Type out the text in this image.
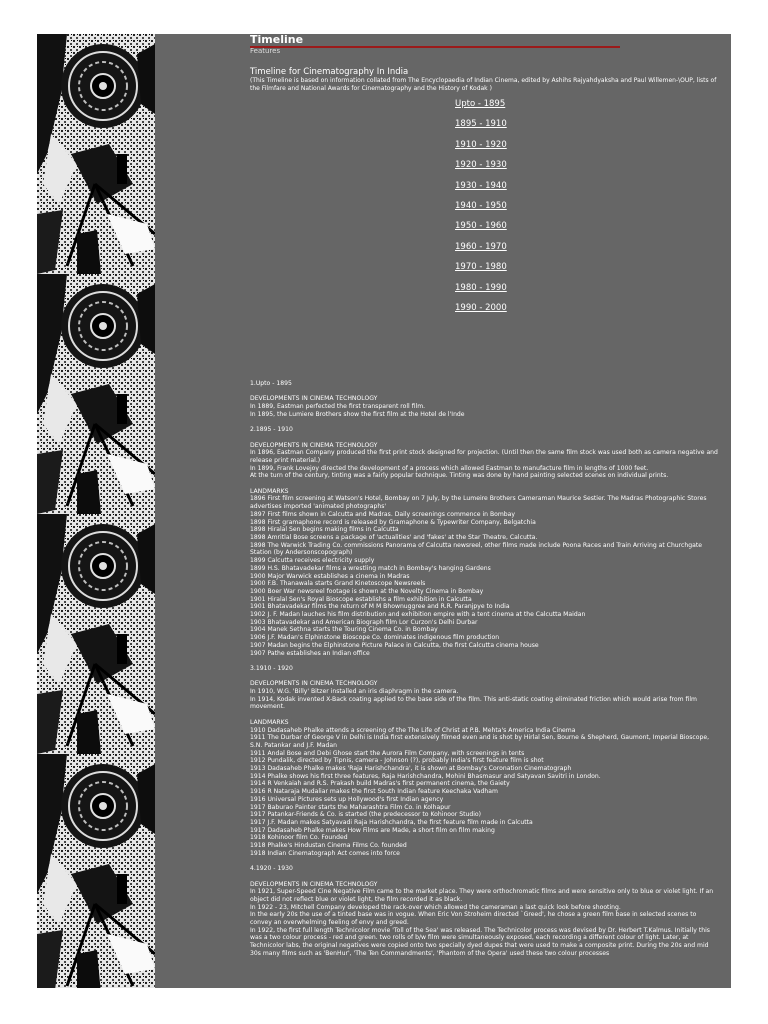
Timeline
Features
Timeline for Cinematography In India
(This Timeline is based on information collated from The Encyclopaedia of Indian Cinema, edited by Ashihs Rajyahdyaksha and Paul Willemen-\OUP, lists of the Filmfare and National Awards for Cinematography and the History of Kodak )
Upto - 1895
1895 - 1910
1910 - 1920
1920 - 1930
1930 - 1940
1940 - 1950
1950 - 1960
1960 - 1970
1970 - 1980
1980 - 1990
1990 - 2000
1.Upto - 1895
DEVELOPMENTS IN CINEMA TECHNOLOGY
In 1889, Eastman perfected the first transparent roll film.
In 1895, the Lumiere Brothers show the first film at the Hotel de l'Inde
2.1895 - 1910
DEVELOPMENTS IN CINEMA TECHNOLOGY
In 1896, Eastman Company produced the first print stock designed for projection. (Until then the same film stock was used both as camera negative and release print material.)
In 1899, Frank Lovejoy directed the development of a process which allowed Eastman to manufacture film in lengths of 1000 feet.
At the turn of the century, tinting was a fairly popular technique. Tinting was done by hand painting selected scenes on individual prints.
LANDMARKS
1896 First film screening at Watson's Hotel, Bombay on 7 July, by the Lumeire Brothers Cameraman Maurice Sestier. The Madras Photographic Stores advertises imported 'animated photographs'
1897 First films shown in Calcutta and Madras. Daily screenings commence in Bombay
1898 First gramaphone record is released by Gramaphone & Typewriter Company, Belgatchia
1898 Hiralal Sen begins making films in Calcutta
1898 Amritlal Bose screens a package of 'actualities' and 'fakes' at the Star Theatre, Calcutta.
1898 The Warwick Trading Co. commissions Panorama of Calcutta newsreel, other films made include Poona Races and Train Arriving at Churchgate Station (by Andersonscopograph)
1899 Calcutta receives electricity supply
1899 H.S. Bhatavadekar films a wrestling match in Bombay's hanging Gardens
1900 Major Warwick establishes a cinema in Madras
1900 F.B. Thanawala starts Grand Kinetoscope Newsreels
1900 Boer War newsreel footage is shown at the Novelty Cinema in Bombay
1901 Hiralal Sen's Royal Bioscope establishs a film exhibition in Calcutta
1901 Bhatavadekar films the return of M M Bhownuggree and R.R. Paranjpye to India
1902 J. F. Madan lauches his film distribution and exhibition empire with a tent cinema at the Calcutta Maidan
1903 Bhatavadekar and American Biograph film Lor Curzon's Delhi Durbar
1904 Manek Sethna starts the Touring Cinema Co. in Bombay
1906 J.F. Madan's Elphinstone Bioscope Co. dominates indigenous film production
1907 Madan begins the Elphinstone Picture Palace in Calcutta, the first Calcutta cinema house
1907 Pathe establishes an Indian office
3.1910 - 1920
DEVELOPMENTS IN CINEMA TECHNOLOGY
In 1910, W.G. 'Billy' Bitzer installed an iris diaphragm in the camera.
In 1914, Kodak invented X-Back coating applied to the base side of the film. This anti-static coating eliminated friction which would arise from film movement.
LANDMARKS
1910 Dadasaheb Phalke attends a screening of the The Life of Christ at P.B. Mehta's America India Cinema
1911 The Durbar of George V in Delhi is India first extensively filmed even and is shot by Hirlal Sen, Bourne & Shepherd, Gaumont, Imperial Bioscope, S.N. Patankar and J.F. Madan
1911 Andal Bose and Debi Ghose start the Aurora Film Company, with screenings in tents
1912 Pundalik, directed by Tipnis, camera - Johnson (?), probably India's first feature film is shot
1913 Dadasaheb Phalke makes 'Raja Harishchandra', it is shown at Bombay's Coronation Cinematograph
1914 Phalke shows his first three features, Raja Harishchandra, Mohini Bhasmasur and Satyavan Savitri in London.
1914 R Venkaiah and R.S. Prakash build Madras's first permanent cinema, the Gaiety
1916 R Nataraja Mudaliar makes the first South Indian feature Keechaka Vadham
1916 Universal Pictures sets up Hollywood's first Indian agency
1917 Baburao Painter starts the Maharashtra Film Co. in Kolhapur
1917 Patankar-Friends & Co. is started (the predecessor to Kohinoor Studio)
1917 J.F. Madan makes Satyavadi Raja Harishchandra, the first feature film made in Calcutta
1917 Dadasaheb Phalke makes How Films are Made, a short film on film making
1918 Kohinoor film Co. Founded
1918 Phalke's Hindustan Cinema Films Co. founded
1918 Indian Cinematograph Act comes into force
4.1920 - 1930
DEVELOPMENTS IN CINEMA TECHNOLOGY
In 1921, Super-Speed Cine Negative Film came to the market place. They were orthochromatic films and were sensitive only to blue or violet light. If an object did not reflect blue or violet light, the film recorded it as black.
In 1922 - 23, Mitchell Company developed the rack-over which allowed the cameraman a last quick look before shooting.
In the early 20s the use of a tinted base was in vogue. When Eric Von Stroheim directed `Greed', he chose a green film base in selected scenes to convey an overwhelming feeling of envy and greed.
In 1922, the first full length Technicolor movie 'Toll of the Sea' was released. The Technicolor process was devised by Dr. Herbert T.Kalmus. Initially this was a two colour process - red and green. two rolls of b/w film were simultaneously exposed, each recording a different colour of light. Later, at Technicolor labs, the original negatives were copied onto two specially dyed dupes that were used to make a composite print. During the 20s and mid 30s many films such as 'BenHur', 'The Ten Commandments', 'Phantom of the Opera' used these two colour processes
